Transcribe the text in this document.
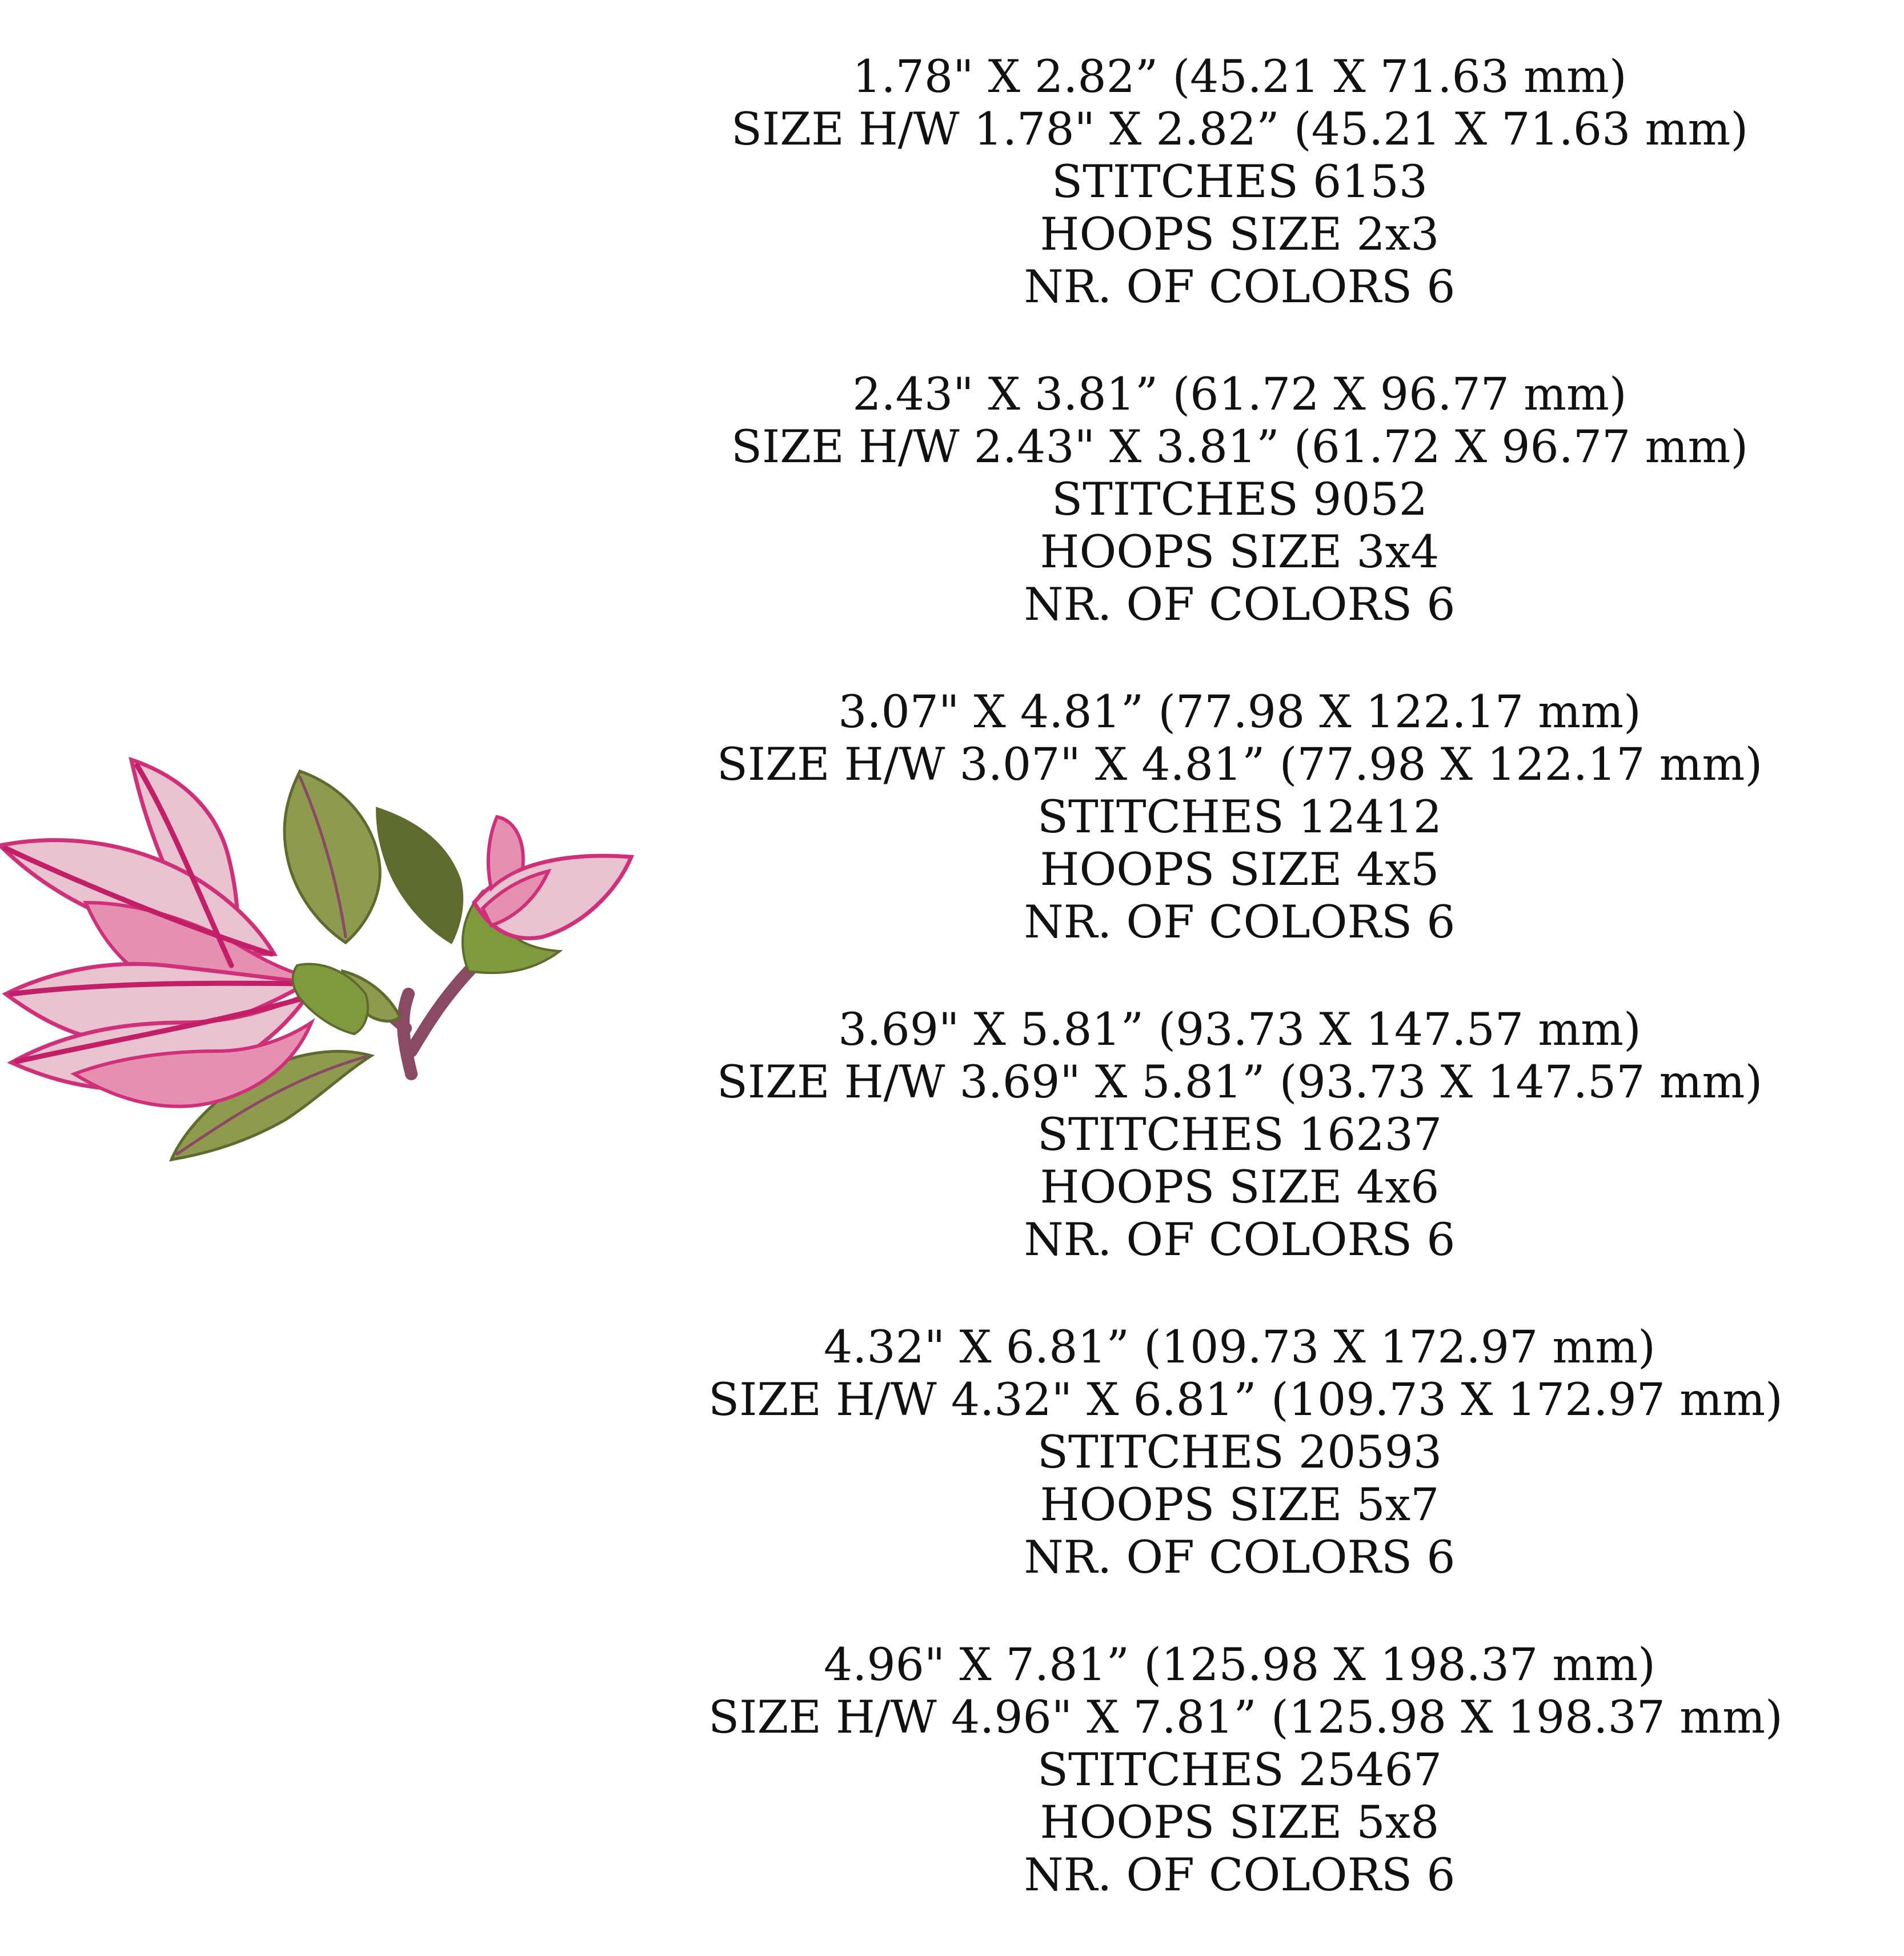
1.78" X 2.82” (45.21 X 71.63 mm)
SIZE H/W 1.78" X 2.82” (45.21 X 71.63 mm)
STITCHES 6153
HOOPS SIZE 2x3
NR. OF COLORS 6
2.43" X 3.81” (61.72 X 96.77 mm)
SIZE H/W 2.43" X 3.81” (61.72 X 96.77 mm)
STITCHES 9052
HOOPS SIZE 3x4
NR. OF COLORS 6
3.07" X 4.81” (77.98 X 122.17 mm)
SIZE H/W 3.07" X 4.81” (77.98 X 122.17 mm)
STITCHES 12412
HOOPS SIZE 4x5
NR. OF COLORS 6
3.69" X 5.81” (93.73 X 147.57 mm)
SIZE H/W 3.69" X 5.81” (93.73 X 147.57 mm)
STITCHES 16237
HOOPS SIZE 4x6
NR. OF COLORS 6
4.32" X 6.81” (109.73 X 172.97 mm)
SIZE H/W 4.32" X 6.81” (109.73 X 172.97 mm)
STITCHES 20593
HOOPS SIZE 5x7
NR. OF COLORS 6
4.96" X 7.81” (125.98 X 198.37 mm)
SIZE H/W 4.96" X 7.81” (125.98 X 198.37 mm)
STITCHES 25467
HOOPS SIZE 5x8
NR. OF COLORS 6
